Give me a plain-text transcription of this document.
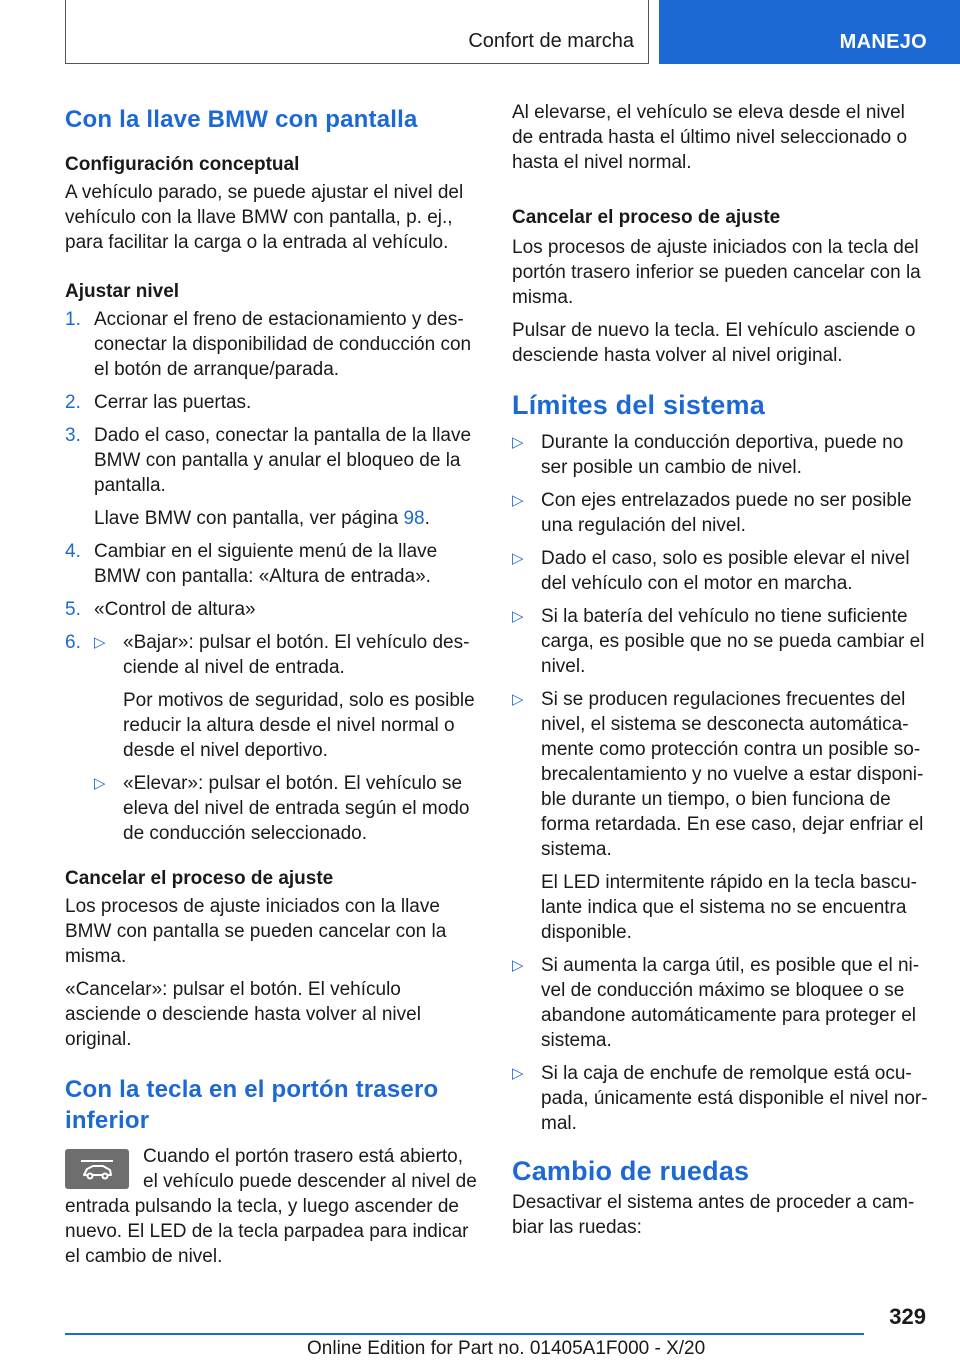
Confort de marcha	MANEJO
Con la llave BMW con pantalla
Configuración conceptual

A vehículo parado, se puede ajustar el nivel del vehículo con la llave BMW con pantalla, p. ej., para facilitar la carga o la entrada al vehículo.

Ajustar nivel
1. Accionar el freno de estacionamiento y desconectar la disponibilidad de conducción con el botón de arranque/parada.
2. Cerrar las puertas.
3. Dado el caso, conectar la pantalla de la llave BMW con pantalla y anular el bloqueo de la pantalla.

Llave BMW con pantalla, ver página 98.

4. Cambiar en el siguiente menú de la llave BMW con pantalla: «Altura de entrada».
5. «Control de altura»
6. ▷ «Bajar»: pulsar el botón. El vehículo desciende al nivel de entrada.

Por motivos de seguridad, solo es posible reducir la altura desde el nivel normal o desde el nivel deportivo.

▷ «Elevar»: pulsar el botón. El vehículo se eleva del nivel de entrada según el modo de conducción seleccionado.
Cancelar el proceso de ajuste

Los procesos de ajuste iniciados con la llave BMW con pantalla se pueden cancelar con la misma.

«Cancelar»: pulsar el botón. El vehículo asciende o desciende hasta volver al nivel original.

Con la tecla en el portón trasero inferior

Cuando el portón trasero está abierto, el vehículo puede descender al nivel de entrada pulsando la tecla, y luego ascender de nuevo. El LED de la tecla parpadea para indicar el cambio de nivel.

Al elevarse, el vehículo se eleva desde el nivel de entrada hasta el último nivel seleccionado o hasta el nivel normal.

Cancelar el proceso de ajuste

Los procesos de ajuste iniciados con la tecla del portón trasero inferior se pueden cancelar con la misma.

Pulsar de nuevo la tecla. El vehículo asciende o desciende hasta volver al nivel original.

Límites del sistema
▷ Durante la conducción deportiva, puede no ser posible un cambio de nivel.
▷ Con ejes entrelazados puede no ser posible una regulación del nivel.
▷ Dado el caso, solo es posible elevar el nivel del vehículo con el motor en marcha.
▷ Si la batería del vehículo no tiene suficiente carga, es posible que no se pueda cambiar el nivel.
▷ Si se producen regulaciones frecuentes del nivel, el sistema se desconecta automáticamente como protección contra un posible sobrecalentamiento y no vuelve a estar disponible durante un tiempo, o bien funciona de forma retardada. En ese caso, dejar enfriar el sistema.

El LED intermitente rápido en la tecla basculante indica que el sistema no se encuentra disponible.

▷ Si aumenta la carga útil, es posible que el nivel de conducción máximo se bloquee o se abandone automáticamente para proteger el sistema.
▷ Si la caja de enchufe de remolque está ocupada, únicamente está disponible el nivel normal.
Cambio de ruedas

Desactivar el sistema antes de proceder a cambiar las ruedas:

329
Online Edition for Part no. 01405A1F000 - X/20
